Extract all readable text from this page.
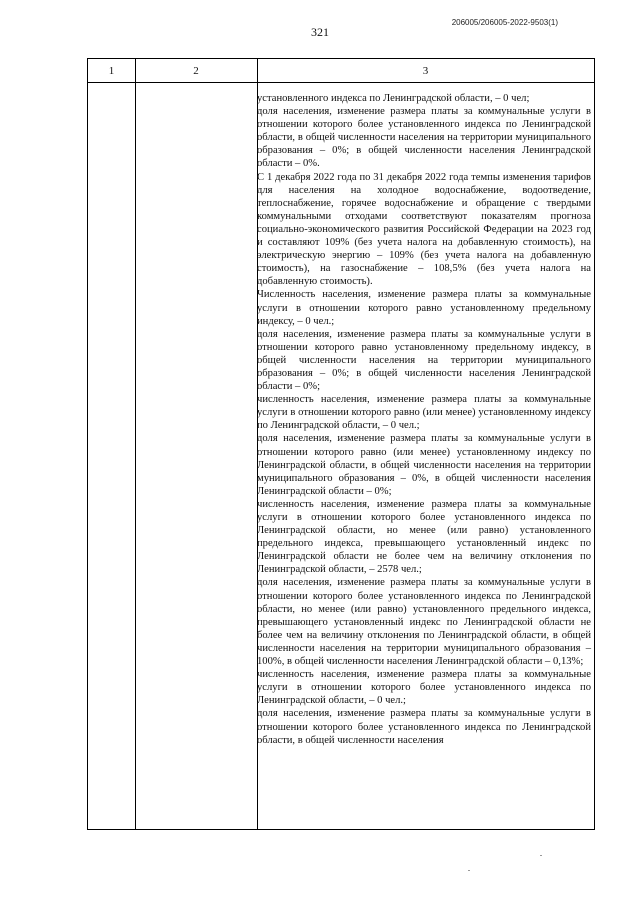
321
206005/206005-2022-9503(1)
1	2	3

установленного индекса по Ленинградской области, – 0 чел;

доля населения, изменение размера платы за коммунальные услуги в отношении которого более установленного индекса по Ленинградской области, в общей численности населения на территории муниципального образования – 0%; в общей численности населения Ленинградской области – 0%.

С 1 декабря 2022 года по 31 декабря 2022 года темпы изменения тарифов для населения на холодное водоснабжение, водоотведение, теплоснабжение, горячее водоснабжение и обращение с твердыми коммунальными отходами соответствуют показателям прогноза социально-экономического развития Российской Федерации на 2023 год и составляют 109% (без учета налога на добавленную стоимость), на электрическую энергию – 109% (без учета налога на добавленную стоимость), на газоснабжение – 108,5% (без учета налога на добавленную стоимость).

Численность населения, изменение размера платы за коммунальные услуги в отношении которого равно установленному предельному индексу, – 0 чел.;

доля населения, изменение размера платы за коммунальные услуги в отношении которого равно установленному предельному индексу, в общей численности населения на территории муниципального образования – 0%; в общей численности населения Ленинградской области – 0%;

численность населения, изменение размера платы за коммунальные услуги в отношении которого равно (или менее) установленному индексу по Ленинградской области, – 0 чел.;

доля населения, изменение размера платы за коммунальные услуги в отношении которого равно (или менее) установленному индексу по Ленинградской области, в общей численности населения на территории муниципального образования – 0%, в общей численности населения Ленинградской области – 0%;

численность населения, изменение размера платы за коммунальные услуги в отношении которого более установленного индекса по Ленинградской области, но менее (или равно) установленного предельного индекса, превышающего установленный индекс по Ленинградской области не более чем на величину отклонения по Ленинградской области, – 2578 чел.;

доля населения, изменение размера платы за коммунальные услуги в отношении которого более установленного индекса по Ленинградской области, но менее (или равно) установленного предельного индекса, превышающего установленный индекс по Ленинградской области не более чем на величину отклонения по Ленинградской области, в общей численности населения на территории муниципального образования – 100%, в общей численности населения Ленинградской области – 0,13%;

численность населения, изменение размера платы за коммунальные услуги в отношении которого более установленного индекса по Ленинградской области, – 0 чел.;

доля населения, изменение размера платы за коммунальные услуги в отношении которого более установленного индекса по Ленинградской области, в общей численности населения
